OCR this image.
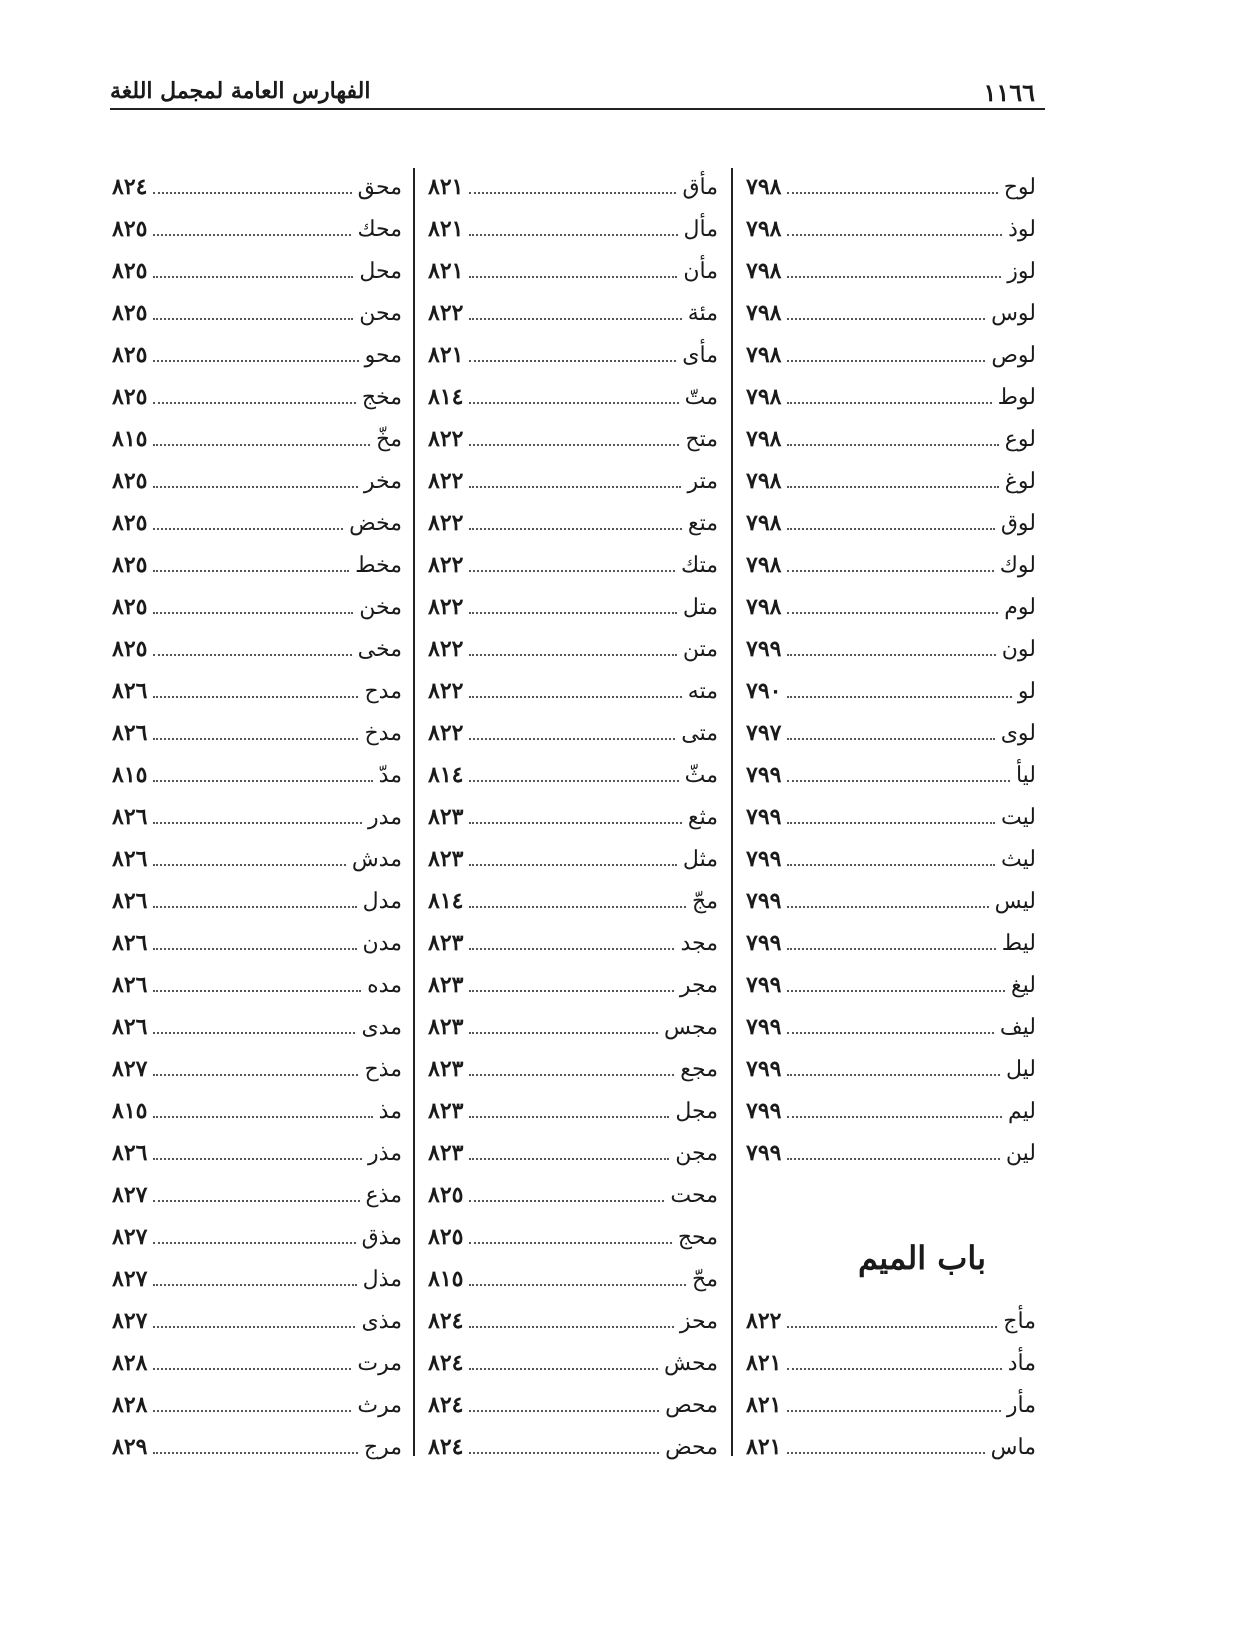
١١٦٦
الفهارس العامة لمجمل اللغة
لوح
٧٩٨
لوذ
٧٩٨
لوز
٧٩٨
لوس
٧٩٨
لوص
٧٩٨
لوط
٧٩٨
لوع
٧٩٨
لوغ
٧٩٨
لوق
٧٩٨
لوك
٧٩٨
لوم
٧٩٨
لون
٧٩٩
لو
٧٩٠
لوى
٧٩٧
ليأ
٧٩٩
ليت
٧٩٩
ليث
٧٩٩
ليس
٧٩٩
ليط
٧٩٩
ليغ
٧٩٩
ليف
٧٩٩
ليل
٧٩٩
ليم
٧٩٩
لين
٧٩٩
باب الميم
مأج
٨٢٢
مأد
٨٢١
مأر
٨٢١
ماس
٨٢١
مأق
٨٢١
مأل
٨٢١
مأن
٨٢١
مئة
٨٢٢
مأى
٨٢١
متّ
٨١٤
متح
٨٢٢
متر
٨٢٢
متع
٨٢٢
متك
٨٢٢
متل
٨٢٢
متن
٨٢٢
مته
٨٢٢
متى
٨٢٢
مثّ
٨١٤
مثع
٨٢٣
مثل
٨٢٣
مجّ
٨١٤
مجد
٨٢٣
مجر
٨٢٣
مجس
٨٢٣
مجع
٨٢٣
مجل
٨٢٣
مجن
٨٢٣
محت
٨٢٥
محج
٨٢٥
محّ
٨١٥
محز
٨٢٤
محش
٨٢٤
محص
٨٢٤
محض
٨٢٤
محق
٨٢٤
محك
٨٢٥
محل
٨٢٥
محن
٨٢٥
محو
٨٢٥
مخج
٨٢٥
مخّ
٨١٥
مخر
٨٢٥
مخض
٨٢٥
مخط
٨٢٥
مخن
٨٢٥
مخى
٨٢٥
مدح
٨٢٦
مدخ
٨٢٦
مدّ
٨١٥
مدر
٨٢٦
مدش
٨٢٦
مدل
٨٢٦
مدن
٨٢٦
مده
٨٢٦
مدى
٨٢٦
مذح
٨٢٧
مذ
٨١٥
مذر
٨٢٦
مذع
٨٢٧
مذق
٨٢٧
مذل
٨٢٧
مذى
٨٢٧
مرت
٨٢٨
مرث
٨٢٨
مرج
٨٢٩
